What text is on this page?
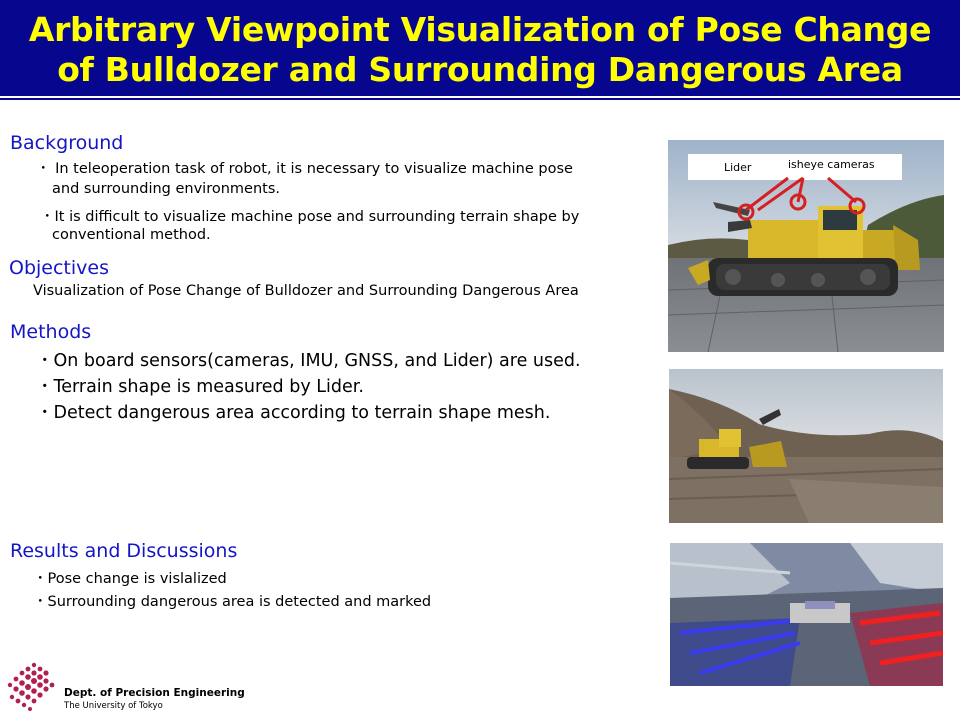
Arbitrary Viewpoint Visualization of Pose Change
of Bulldozer and Surrounding Dangerous Area
Background
・ In teleoperation task of robot, it is necessary to visualize machine pose
and surrounding environments.
・It is difficult to visualize machine pose and surrounding terrain shape by
conventional method.
Objectives
Visualization of Pose Change of Bulldozer and Surrounding Dangerous Area
Methods
・On board sensors(cameras, IMU, GNSS, and Lider) are used.
・Terrain shape is measured by Lider.
・Detect dangerous area according to terrain shape mesh.
Results and Discussions
・Pose change is vislalized
・Surrounding dangerous area is detected and marked
Lider	isheye cameras
Dept. of Precision Engineering
The University of Tokyo
